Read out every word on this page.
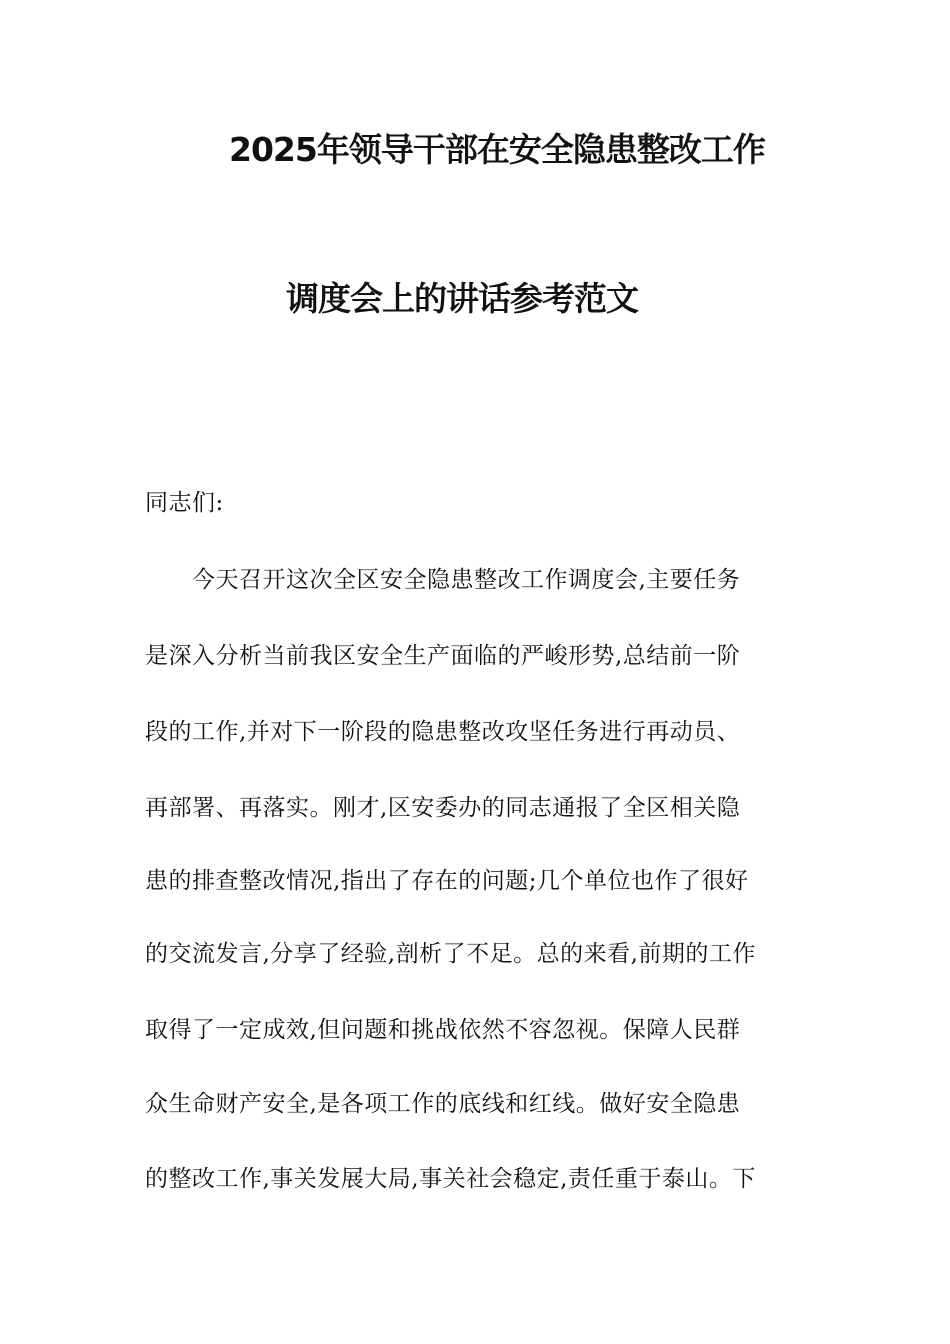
2025年领导干部在安全隐患整改工作
调度会上的讲话参考范文
同志们:
　　今天召开这次全区安全隐患整改工作调度会,主要任务
是深入分析当前我区安全生产面临的严峻形势,总结前一阶
段的工作,并对下一阶段的隐患整改攻坚任务进行再动员、
再部署、再落实。刚才,区安委办的同志通报了全区相关隐
患的排查整改情况,指出了存在的问题;几个单位也作了很好
的交流发言,分享了经验,剖析了不足。总的来看,前期的工作
取得了一定成效,但问题和挑战依然不容忽视。保障人民群
众生命财产安全,是各项工作的底线和红线。做好安全隐患
的整改工作,事关发展大局,事关社会稳定,责任重于泰山。下
